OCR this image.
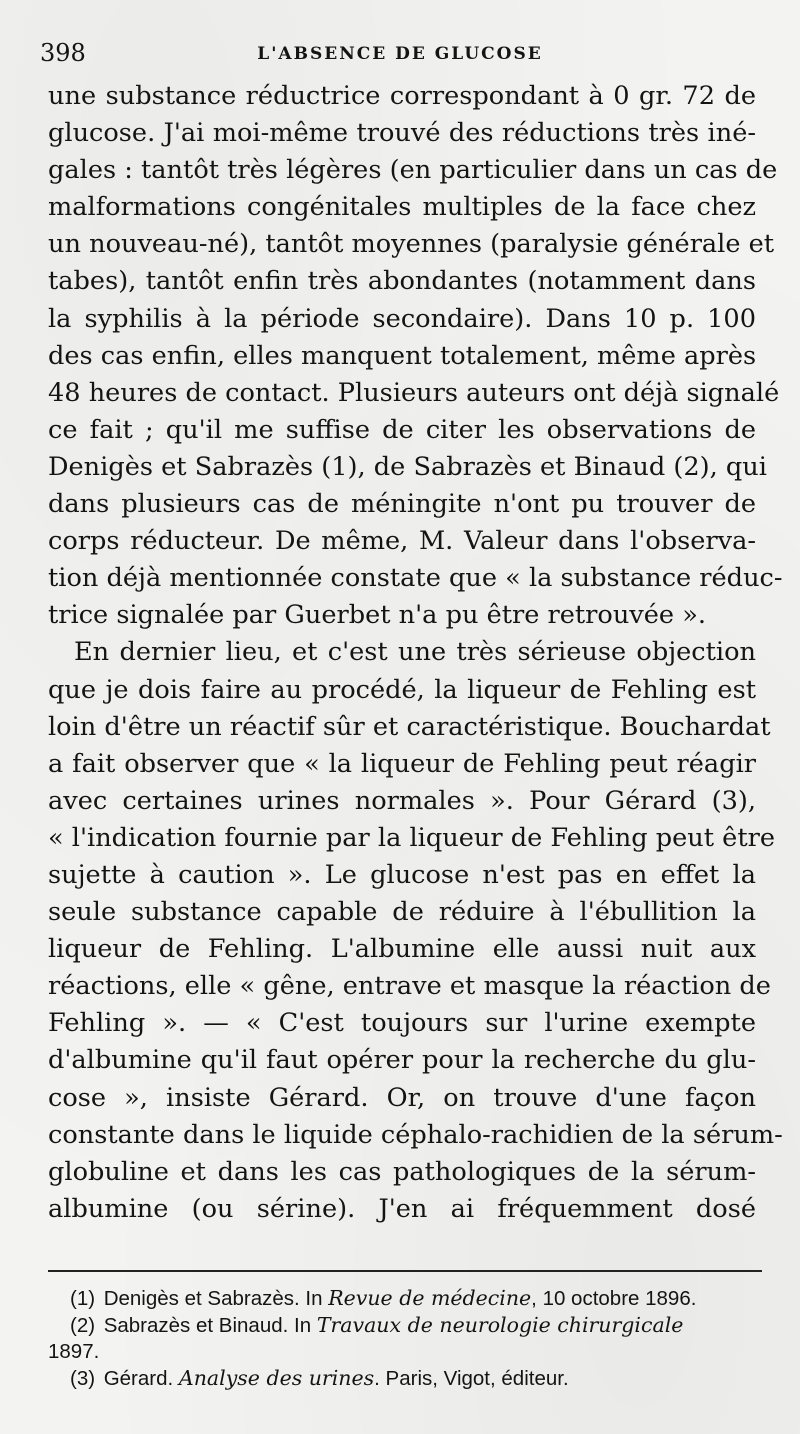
398	L'ABSENCE DE GLUCOSE
une substance réductrice correspondant à 0 gr. 72 de
glucose. J'ai moi-même trouvé des réductions très iné-
gales : tantôt très légères (en particulier dans un cas de
malformations congénitales multiples de la face chez
un nouveau-né), tantôt moyennes (paralysie générale et
tabes), tantôt enfin très abondantes (notamment dans
la syphilis à la période secondaire). Dans 10 p. 100
des cas enfin, elles manquent totalement, même après
48 heures de contact. Plusieurs auteurs ont déjà signalé
ce fait ; qu'il me suffise de citer les observations de
Denigès et Sabrazès (1), de Sabrazès et Binaud (2), qui
dans plusieurs cas de méningite n'ont pu trouver de
corps réducteur. De même, M. Valeur dans l'observa-
tion déjà mentionnée constate que « la substance réduc-
trice signalée par Guerbet n'a pu être retrouvée ».
En dernier lieu, et c'est une très sérieuse objection
que je dois faire au procédé, la liqueur de Fehling est
loin d'être un réactif sûr et caractéristique. Bouchardat
a fait observer que « la liqueur de Fehling peut réagir
avec certaines urines normales ». Pour Gérard (3),
« l'indication fournie par la liqueur de Fehling peut être
sujette à caution ». Le glucose n'est pas en effet la
seule substance capable de réduire à l'ébullition la
liqueur de Fehling. L'albumine elle aussi nuit aux
réactions, elle « gêne, entrave et masque la réaction de
Fehling ». — « C'est toujours sur l'urine exempte
d'albumine qu'il faut opérer pour la recherche du glu-
cose », insiste Gérard. Or, on trouve d'une façon
constante dans le liquide céphalo-rachidien de la sérum-
globuline et dans les cas pathologiques de la sérum-
albumine (ou sérine). J'en ai fréquemment dosé
(1) Denigès et Sabrazès. In Revue de médecine, 10 octobre 1896.
(2) Sabrazès et Binaud. In Travaux de neurologie chirurgicale
1897.
(3) Gérard. Analyse des urines. Paris, Vigot, éditeur.
